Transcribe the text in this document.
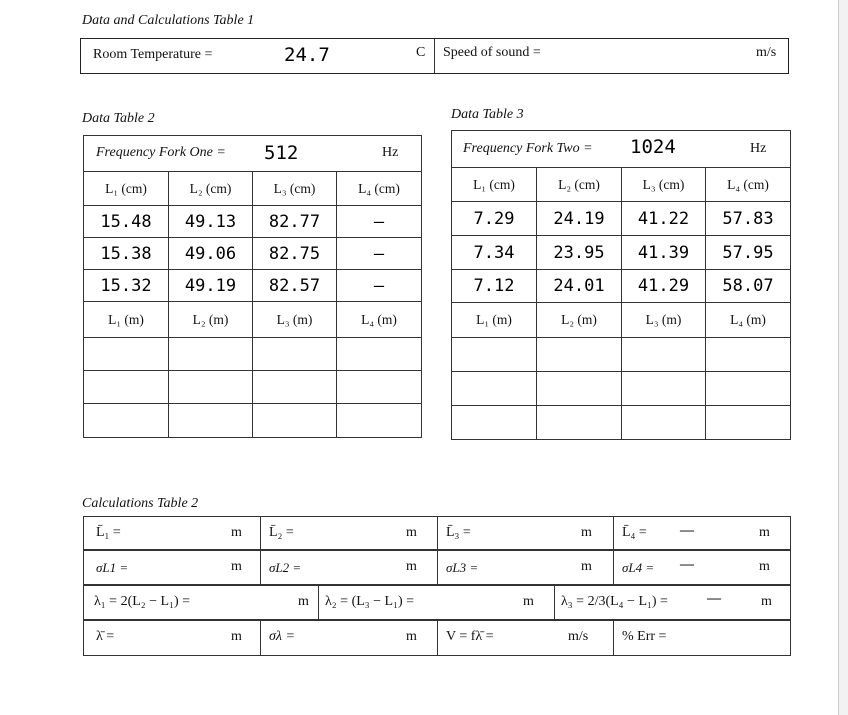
Data and Calculations Table 1
Room Temperature =	24.7	C Speed of sound =	m/s
Data Table 2
Frequency Fork One = 512 Hz			

L₁ (cm)	L₂ (cm)	L₃ (cm)	L₄ (cm)
15.48	49.13	82.77	—
15.38	49.06	82.75	—
15.32	49.19	82.57	—
L₁ (m)	L₂ (m)	L₃ (m)	L₄ (m)

Data Table 3
Frequency Fork Two = 1024 Hz			

L₁ (cm)	L₂ (cm)	L₃ (cm)	L₄ (cm)
7.29	24.19	41.22	57.83
7.34	23.95	41.39	57.95
7.12	24.01	41.29	58.07
L₁ (m)	L₂ (m)	L₃ (m)	L₄ (m)

Calculations Table 2
L̄₁ =	m	L̄₂ =	m	L̄₃ =	m	L̄₄ = —	m
σL1 =	m	σL2 =	m	σL3 =	m	σL4 = —	m
λ₁ = 2(L₂ − L₁) =	m	λ₂ = (L₃ − L₁) =	m	λ₃ = 2/3(L₄ − L₁) =	—	m
λ̄ =	m	σλ =	m	V = fλ̄ =	m/s	% Err =
